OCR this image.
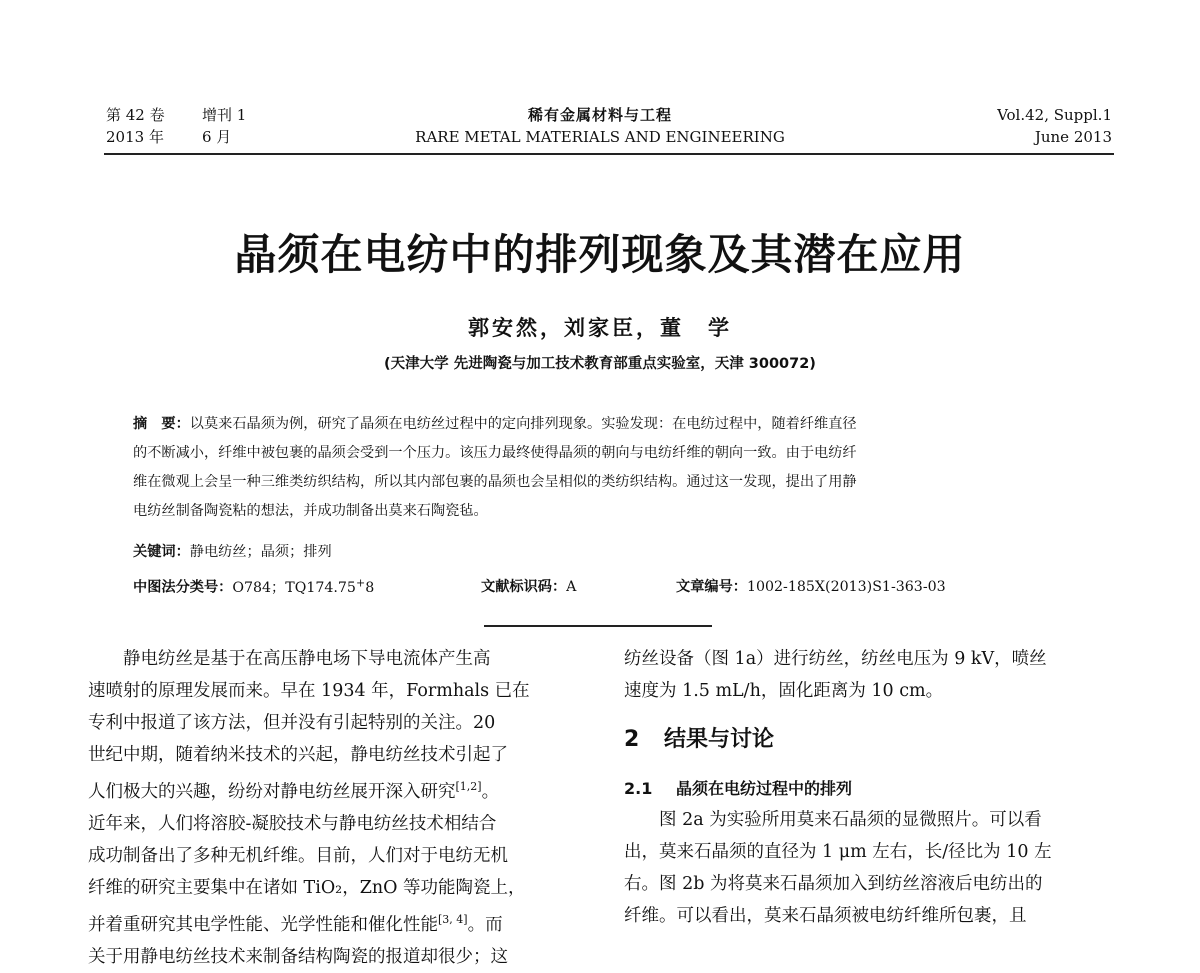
第 42 卷 增刊 1
2013 年	6 月
稀有金属材料与工程
RARE METAL MATERIALS AND ENGINEERING
Vol.42, Suppl.1
June 2013
晶须在电纺中的排列现象及其潜在应用
郭安然，刘家臣，董　学
(天津大学 先进陶瓷与加工技术教育部重点实验室，天津 300072)
摘　要：以莫来石晶须为例，研究了晶须在电纺丝过程中的定向排列现象。实验发现：在电纺过程中，随着纤维直径
的不断减小，纤维中被包裹的晶须会受到一个压力。该压力最终使得晶须的朝向与电纺纤维的朝向一致。由于电纺纤
维在微观上会呈一种三维类纺织结构，所以其内部包裹的晶须也会呈相似的类纺织结构。通过这一发现，提出了用静
电纺丝制备陶瓷粘的想法，并成功制备出莫来石陶瓷毡。
关键词：静电纺丝；晶须；排列
中图法分类号：O784；TQ174.75+8	文献标识码：A	文章编号：1002-185X(2013)S1-363-03
　　静电纺丝是基于在高压静电场下导电流体产生高
速喷射的原理发展而来。早在 1934 年，Formhals 已在
专利中报道了该方法，但并没有引起特别的关注。20
世纪中期，随着纳米技术的兴起，静电纺丝技术引起了
人们极大的兴趣，纷纷对静电纺丝展开深入研究[1,2]。
近年来，人们将溶胶-凝胶技术与静电纺丝技术相结合
成功制备出了多种无机纤维。目前，人们对于电纺无机
纤维的研究主要集中在诸如 TiO₂，ZnO 等功能陶瓷上，
并着重研究其电学性能、光学性能和催化性能[3, 4]。而
关于用静电纺丝技术来制备结构陶瓷的报道却很少；这
纺丝设备（图 1a）进行纺丝，纺丝电压为 9 kV，喷丝
速度为 1.5 mL/h，固化距离为 10 cm。
2 结果与讨论
2.1 晶须在电纺过程中的排列
　　图 2a 为实验所用莫来石晶须的显微照片。可以看
出，莫来石晶须的直径为 1 μm 左右，长/径比为 10 左
右。图 2b 为将莫来石晶须加入到纺丝溶液后电纺出的
纤维。可以看出，莫来石晶须被电纺纤维所包裹，且
